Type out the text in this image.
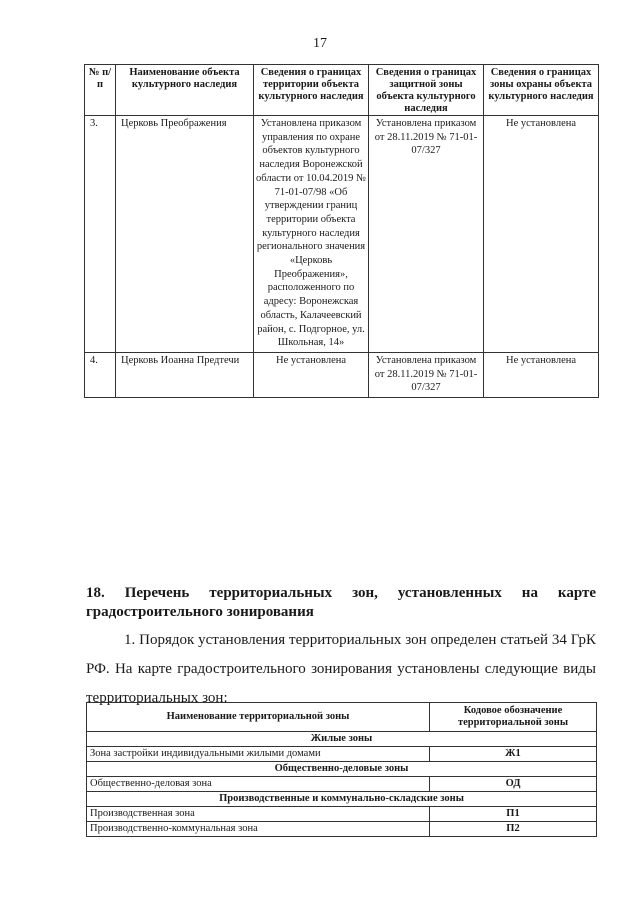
17
№ п/п	Наименование объекта культурного наследия	Сведения о границах территории объекта культурного наследия	Сведения о границах защитной зоны объекта культурного наследия	Сведения о границах зоны охраны объекта культурного наследия
3.	Церковь Преображения	Установлена приказом управления по охране объектов культурного наследия Воронежской области от 10.04.2019 № 71-01-07/98 «Об утверждении границ территории объекта культурного наследия регионального значения «Церковь Преображения», расположенного по адресу: Воронежская область, Калачеевский район, с. Подгорное, ул. Школьная, 14»	Установлена приказом от 28.11.2019 № 71-01-07/327	Не установлена
4.	Церковь Иоанна Предтечи	Не установлена	Установлена приказом от 28.11.2019 № 71-01-07/327	Не установлена

18. Перечень территориальных зон, установленных на карте градостроительного зонирования

1. Порядок установления территориальных зон определен статьей 34 ГрК РФ. На карте градостроительного зонирования установлены следующие виды территориальных зон:

Наименование территориальной зоны	Кодовое обозначение территориальной зоны
Жилые зоны	
Зона застройки индивидуальными жилыми домами	Ж1
Общественно-деловые зоны	
Общественно-деловая зона	ОД
Производственные и коммунально-складские зоны	
Производственная зона	П1
Производственно-коммунальная зона	П2
